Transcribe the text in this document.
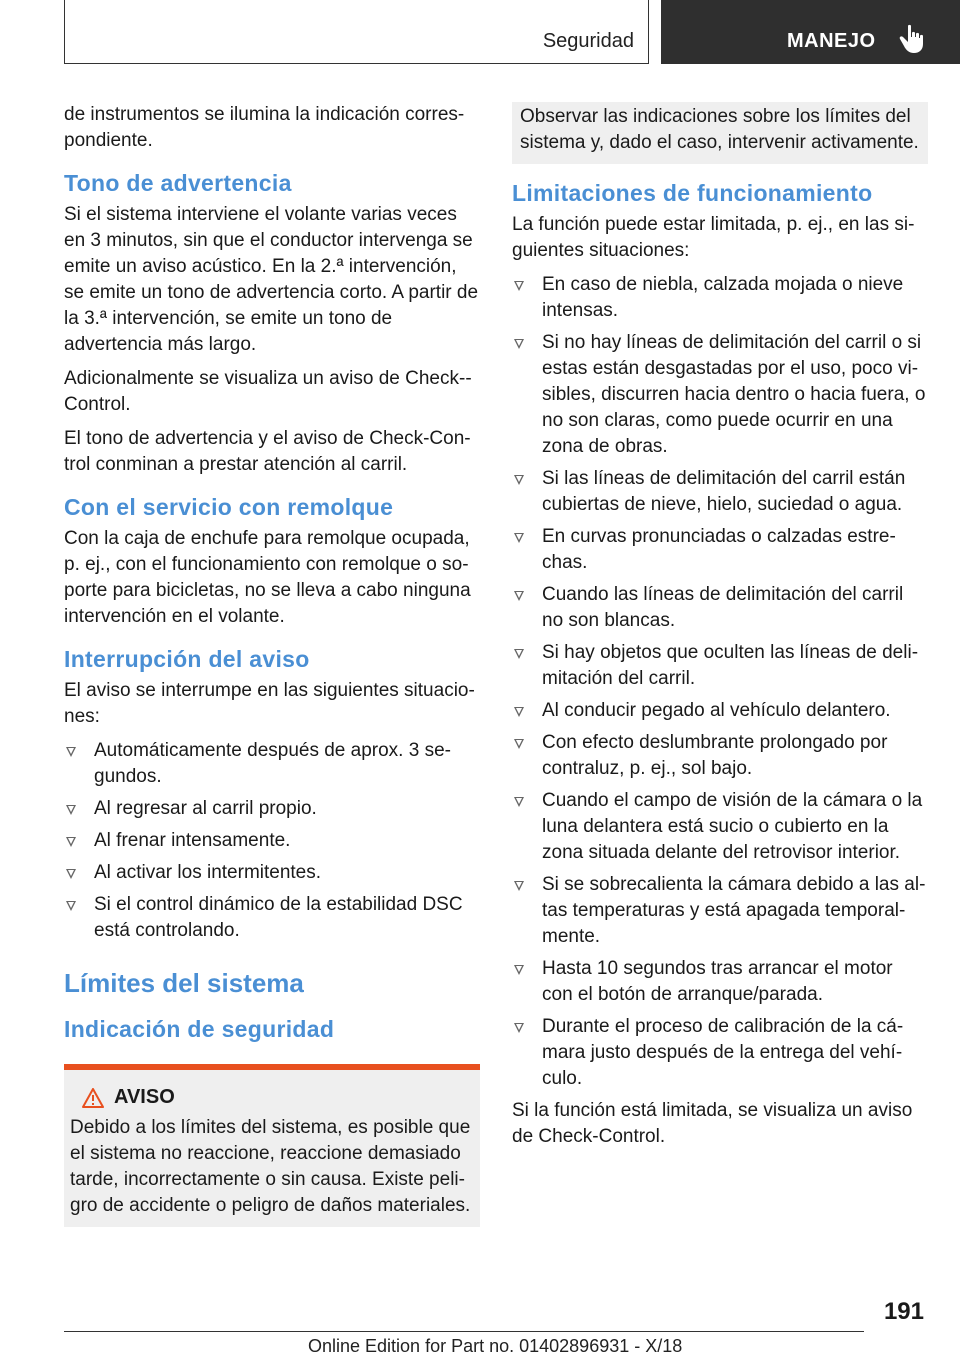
Seguridad	MANEJO

de instrumentos se ilumina la indicación correspondiente.

Tono de advertencia

Si el sistema interviene el volante varias veces en 3 minutos, sin que el conductor intervenga se emite un aviso acústico. En la 2.ª intervención, se emite un tono de advertencia corto. A partir de la 3.ª intervención, se emite un tono de advertencia más largo.

Adicionalmente se visualiza un aviso de Check-Control.

El tono de advertencia y el aviso de Check-Control conminan a prestar atención al carril.

Con el servicio con remolque

Con la caja de enchufe para remolque ocupada, p. ej., con el funcionamiento con remolque o soporte para bicicletas, no se lleva a cabo ninguna intervención en el volante.

Interrupción del aviso

El aviso se interrumpe en las siguientes situaciones:

Automáticamente después de aprox. 3 segundos.
Al regresar al carril propio.
Al frenar intensamente.
Al activar los intermitentes.
Si el control dinámico de la estabilidad DSC está controlando.
Límites del sistema
Indicación de seguridad
AVISO

Debido a los límites del sistema, es posible que el sistema no reaccione, reaccione demasiado tarde, incorrectamente o sin causa. Existe peligro de accidente o peligro de daños materiales.

Observar las indicaciones sobre los límites del sistema y, dado el caso, intervenir activamente.

Limitaciones de funcionamiento

La función puede estar limitada, p. ej., en las siguientes situaciones:

En caso de niebla, calzada mojada o nieve intensas.
Si no hay líneas de delimitación del carril o si estas están desgastadas por el uso, poco visibles, discurren hacia dentro o hacia fuera, o no son claras, como puede ocurrir en una zona de obras.
Si las líneas de delimitación del carril están cubiertas de nieve, hielo, suciedad o agua.
En curvas pronunciadas o calzadas estrechas.
Cuando las líneas de delimitación del carril no son blancas.
Si hay objetos que oculten las líneas de delimitación del carril.
Al conducir pegado al vehículo delantero.
Con efecto deslumbrante prolongado por contraluz, p. ej., sol bajo.
Cuando el campo de visión de la cámara o la luna delantera está sucio o cubierto en la zona situada delante del retrovisor interior.
Si se sobrecalienta la cámara debido a las altas temperaturas y está apagada temporalmente.
Hasta 10 segundos tras arrancar el motor con el botón de arranque/parada.
Durante el proceso de calibración de la cámara justo después de la entrega del vehículo.

Si la función está limitada, se visualiza un aviso de Check-Control.

191
Online Edition for Part no. 01402896931 - X/18
